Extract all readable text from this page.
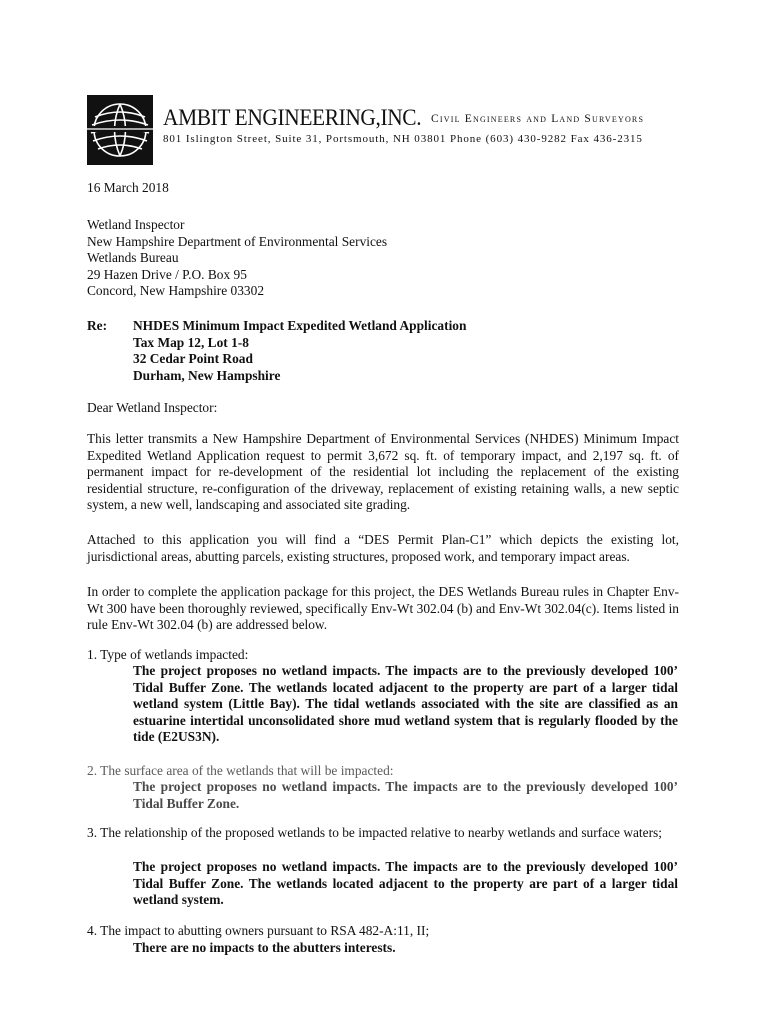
AMBIT ENGINEERING,INC. Civil Engineers and Land Surveyors
801 Islington Street, Suite 31, Portsmouth, NH 03801 Phone (603) 430-9282 Fax 436-2315
16 March 2018
Wetland Inspector
New Hampshire Department of Environmental Services
Wetlands Bureau
29 Hazen Drive / P.O. Box 95
Concord, New Hampshire 03302
Re: NHDES Minimum Impact Expedited Wetland Application
Tax Map 12, Lot 1-8
32 Cedar Point Road
Durham, New Hampshire
Dear Wetland Inspector:
This letter transmits a New Hampshire Department of Environmental Services (NHDES) Minimum Impact Expedited Wetland Application request to permit 3,672 sq. ft. of temporary impact, and 2,197 sq. ft. of permanent impact for re-development of the residential lot including the replacement of the existing residential structure, re-configuration of the driveway, replacement of existing retaining walls, a new septic system, a new well, landscaping and associated site grading.
Attached to this application you will find a “DES Permit Plan-C1” which depicts the existing lot, jurisdictional areas, abutting parcels, existing structures, proposed work, and temporary impact areas.
In order to complete the application package for this project, the DES Wetlands Bureau rules in Chapter Env-Wt 300 have been thoroughly reviewed, specifically Env-Wt 302.04 (b) and Env-Wt 302.04(c). Items listed in rule Env-Wt 302.04 (b) are addressed below.
1. Type of wetlands impacted:
The project proposes no wetland impacts. The impacts are to the previously developed 100’ Tidal Buffer Zone. The wetlands located adjacent to the property are part of a larger tidal wetland system (Little Bay). The tidal wetlands associated with the site are classified as an estuarine intertidal unconsolidated shore mud wetland system that is regularly flooded by the tide (E2US3N).
2. The surface area of the wetlands that will be impacted:
The project proposes no wetland impacts. The impacts are to the previously developed 100’ Tidal Buffer Zone.
3. The relationship of the proposed wetlands to be impacted relative to nearby wetlands and surface waters;
The project proposes no wetland impacts. The impacts are to the previously developed 100’ Tidal Buffer Zone. The wetlands located adjacent to the property are part of a larger tidal wetland system.
4. The impact to abutting owners pursuant to RSA 482-A:11, II;
There are no impacts to the abutters interests.
